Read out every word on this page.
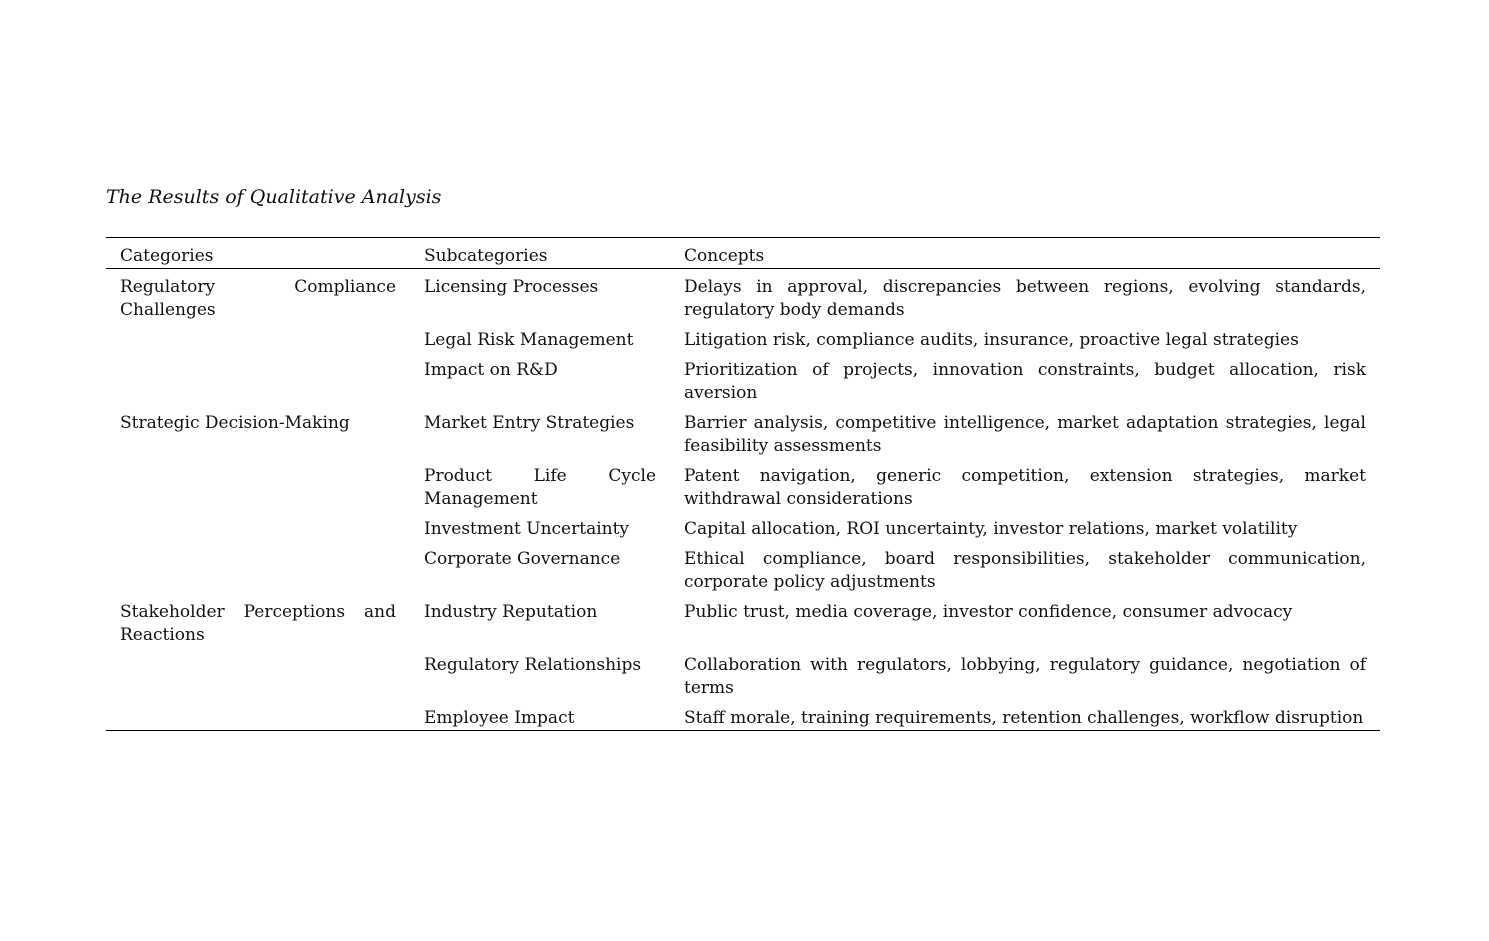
The Results of Qualitative Analysis

Categories	Subcategories	Concepts
Regulatory Compliance Challenges	Licensing Processes	Delays in approval, discrepancies between regions, evolving standards, regulatory body demands
	Legal Risk Management	Litigation risk, compliance audits, insurance, proactive legal strategies
	Impact on R&D	Prioritization of projects, innovation constraints, budget allocation, risk aversion
Strategic Decision-Making	Market Entry Strategies	Barrier analysis, competitive intelligence, market adaptation strategies, legal feasibility assessments
	Product Life Cycle Management	Patent navigation, generic competition, extension strategies, market withdrawal considerations
	Investment Uncertainty	Capital allocation, ROI uncertainty, investor relations, market volatility
	Corporate Governance	Ethical compliance, board responsibilities, stakeholder communication, corporate policy adjustments
Stakeholder Perceptions and Reactions	Industry Reputation	Public trust, media coverage, investor confidence, consumer advocacy
	Regulatory Relationships	Collaboration with regulators, lobbying, regulatory guidance, negotiation of terms
	Employee Impact	Staff morale, training requirements, retention challenges, workflow disruption
